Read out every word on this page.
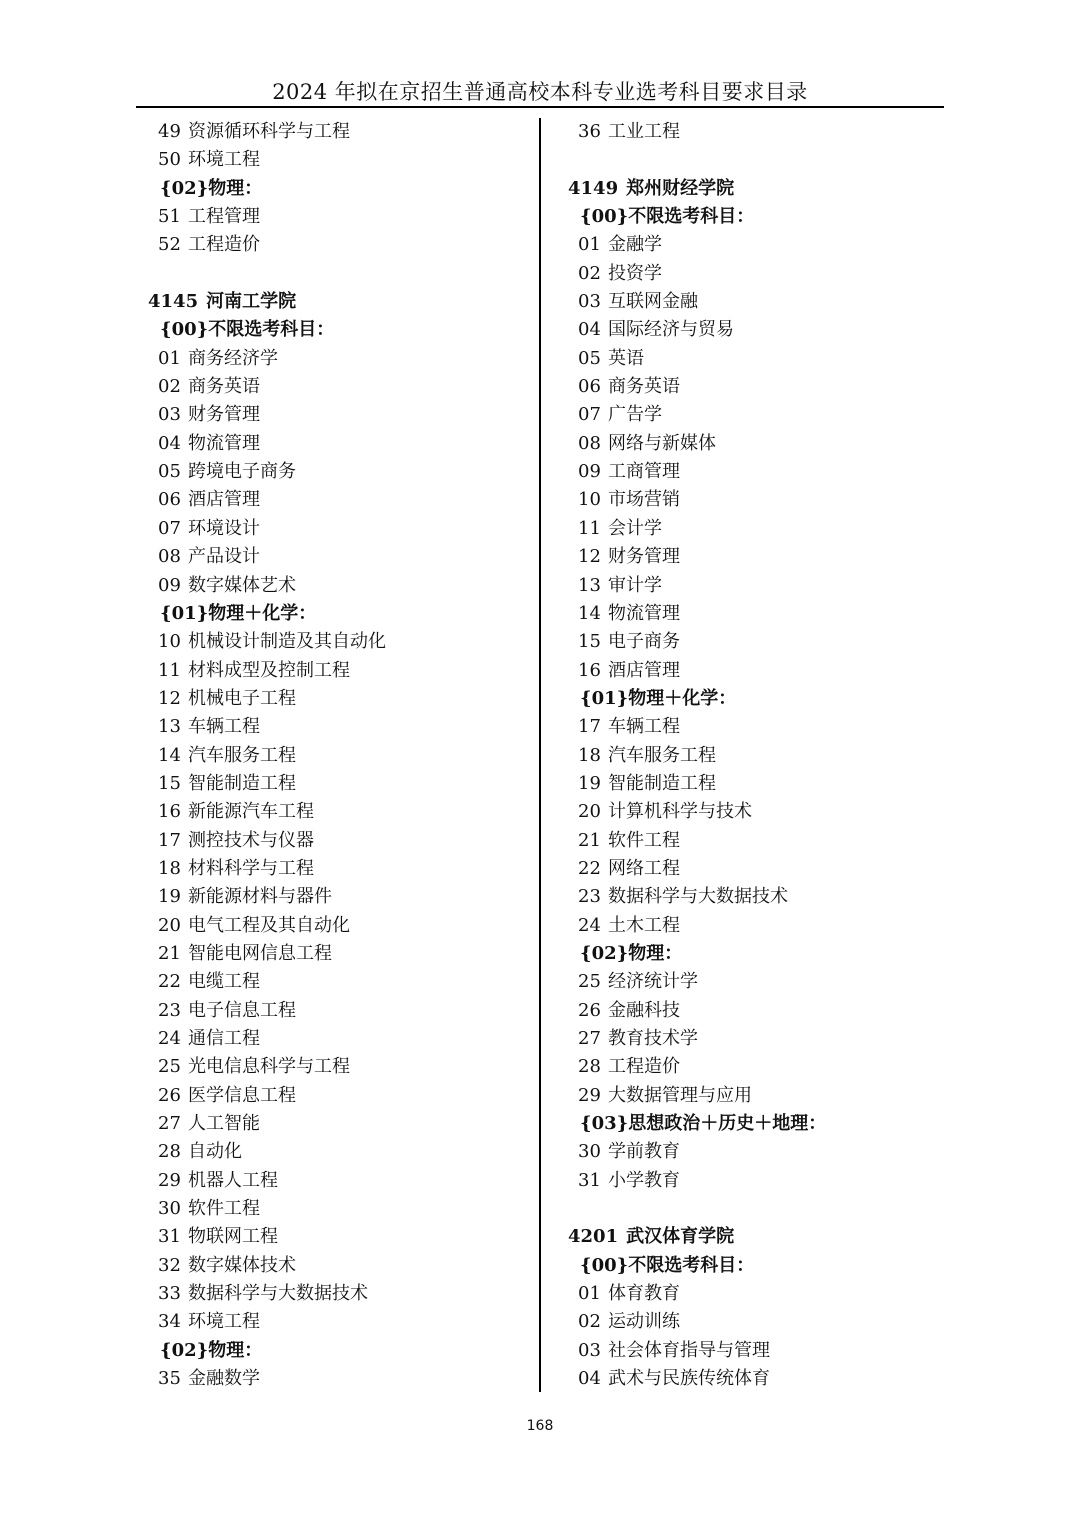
2024 年拟在京招生普通高校本科专业选考科目要求目录
49 资源循环科学与工程
50 环境工程
{02}物理：
51 工程管理
52 工程造价
4145 河南工学院
{00}不限选考科目：
01 商务经济学
02 商务英语
03 财务管理
04 物流管理
05 跨境电子商务
06 酒店管理
07 环境设计
08 产品设计
09 数字媒体艺术
{01}物理＋化学：
10 机械设计制造及其自动化
11 材料成型及控制工程
12 机械电子工程
13 车辆工程
14 汽车服务工程
15 智能制造工程
16 新能源汽车工程
17 测控技术与仪器
18 材料科学与工程
19 新能源材料与器件
20 电气工程及其自动化
21 智能电网信息工程
22 电缆工程
23 电子信息工程
24 通信工程
25 光电信息科学与工程
26 医学信息工程
27 人工智能
28 自动化
29 机器人工程
30 软件工程
31 物联网工程
32 数字媒体技术
33 数据科学与大数据技术
34 环境工程
{02}物理：
35 金融数学
36 工业工程
4149 郑州财经学院
{00}不限选考科目：
01 金融学
02 投资学
03 互联网金融
04 国际经济与贸易
05 英语
06 商务英语
07 广告学
08 网络与新媒体
09 工商管理
10 市场营销
11 会计学
12 财务管理
13 审计学
14 物流管理
15 电子商务
16 酒店管理
{01}物理＋化学：
17 车辆工程
18 汽车服务工程
19 智能制造工程
20 计算机科学与技术
21 软件工程
22 网络工程
23 数据科学与大数据技术
24 土木工程
{02}物理：
25 经济统计学
26 金融科技
27 教育技术学
28 工程造价
29 大数据管理与应用
{03}思想政治＋历史＋地理：
30 学前教育
31 小学教育
4201 武汉体育学院
{00}不限选考科目：
01 体育教育
02 运动训练
03 社会体育指导与管理
04 武术与民族传统体育
168
